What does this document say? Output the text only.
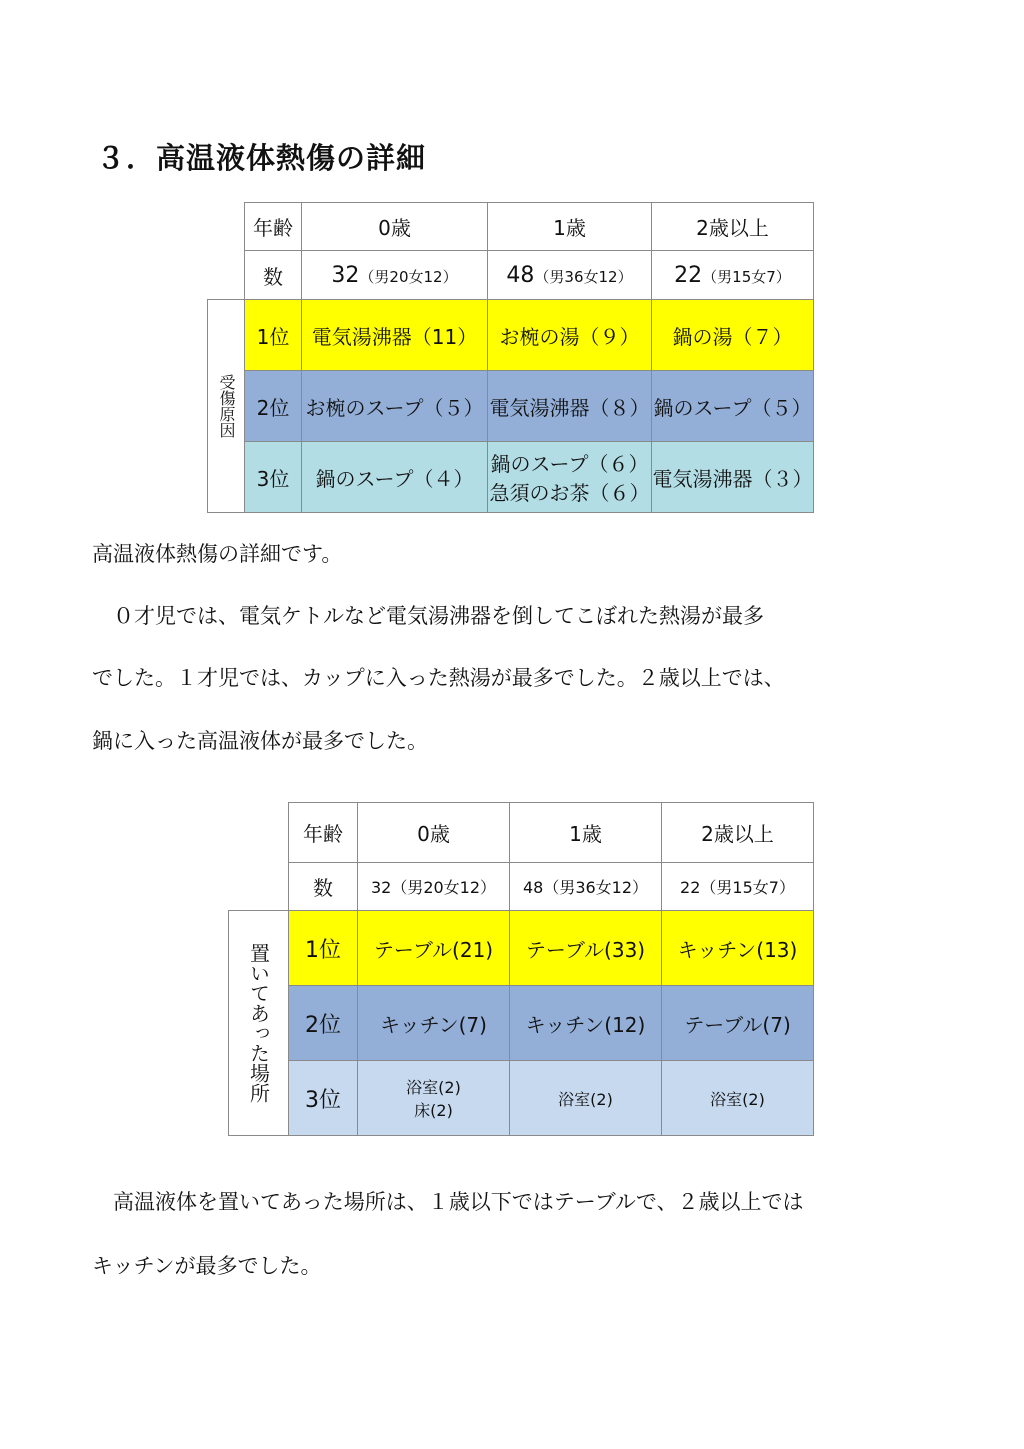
３．高温液体熱傷の詳細
	年齢	0歳	1歳	2歳以上
	数	32（男20女12）	48（男36女12）	22（男15女7）

受傷原因	1位	電気湯沸器（11）	お椀の湯（９）	鍋の湯（７）
	2位	お椀のスープ（５）	電気湯沸器（８）	鍋のスープ（５）
	3位	鍋のスープ（４）	鍋のスープ（６）
急須のお茶（６）	電気湯沸器（３）
高温液体熱傷の詳細です。
　０才児では、電気ケトルなど電気湯沸器を倒してこぼれた熱湯が最多
でした。１才児では、カップに入った熱湯が最多でした。２歳以上では、
鍋に入った高温液体が最多でした。
	年齢	0歳	1歳	2歳以上
	数	32（男20女12）	48（男36女12）	22（男15女7）

置いてあった場所	1位	テーブル(21)	テーブル(33)	キッチン(13)
	2位	キッチン(7)	キッチン(12)	テーブル(7)
	3位	浴室(2)
床(2)	浴室(2)	浴室(2)
　高温液体を置いてあった場所は、１歳以下ではテーブルで、２歳以上では
キッチンが最多でした。
